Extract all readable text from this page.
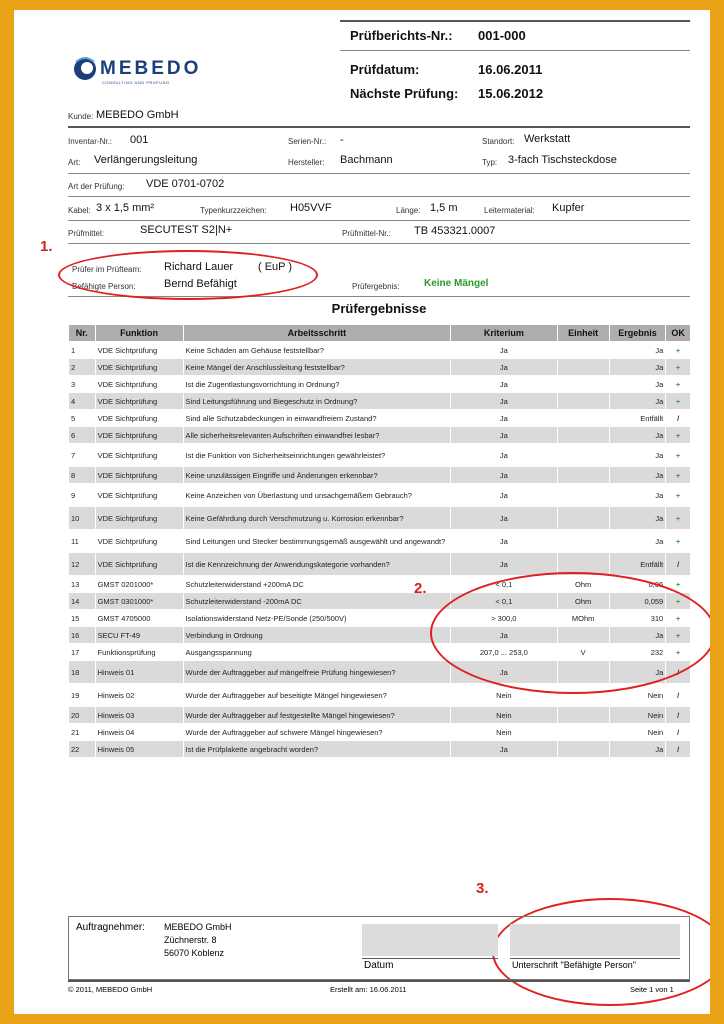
MEBEDO
CONSULTING UND PRÜFUNG
Prüfberichts-Nr.: 001-000
Prüfdatum:	16.06.2011
Nächste Prüfung: 15.06.2012
Kunde: MEBEDO GmbH
Inventar-Nr.: 001	Serien-Nr.: -	Standort: Werkstatt
Art: Verlängerungsleitung	Hersteller: Bachmann	Typ: 3-fach Tischsteckdose
Art der Prüfung: VDE 0701-0702
Kabel: 3 x 1,5 mm²	Typenkurzzeichen: H05VVF	Länge: 1,5 m	Leitermaterial: Kupfer
Prüfmittel:	SECUTEST S2|N+	Prüfmittel-Nr.: TB 453321.0007
Prüfer im Prüfteam: Richard Lauer ( EuP )
Befähigte Person:	Bernd Befähigt	Prüfergebnis: Keine Mängel
Prüfergebnisse
Nr.	Funktion	Arbeitsschritt	Kriterium	Einheit	Ergebnis	OK
1	VDE Sichtprüfung	Keine Schäden am Gehäuse feststellbar?	Ja		Ja	+
2	VDE Sichtprüfung	Keine Mängel der Anschlussleitung feststellbar?	Ja		Ja	+
3	VDE Sichtprüfung	Ist die Zugentlastungsvorrichtung in Ordnung?	Ja		Ja	+
4	VDE Sichtprüfung	Sind Leitungsführung und Biegeschutz in Ordnung?	Ja		Ja	+
5	VDE Sichtprüfung	Sind alle Schutzabdeckungen in einwandfreiem Zustand?	Ja		Entfällt	/
6	VDE Sichtprüfung	Alle sicherheitsrelevanten Aufschriften einwandfrei lesbar?	Ja		Ja	+
7	VDE Sichtprüfung	Ist die Funktion von Sicherheitseinrichtungen gewährleistet?	Ja		Ja	+
8	VDE Sichtprüfung	Keine unzulässigen Eingriffe und Änderungen erkennbar?	Ja		Ja	+
9	VDE Sichtprüfung	Keine Anzeichen von Überlastung und unsachgemäßem Gebrauch?	Ja		Ja	+
10	VDE Sichtprüfung	Keine Gefährdung durch Verschmutzung u. Korrosion erkennbar?	Ja		Ja	+
11	VDE Sichtprüfung	Sind Leitungen und Stecker bestimmungsgemäß ausgewählt und angewandt?	Ja		Ja	+
12	VDE Sichtprüfung	Ist die Kennzeichnung der Anwendungskategorie vorhanden?	Ja		Entfällt	/
13	GMST 0201000*	Schutzleiterwiderstand +200mA DC	< 0,1	Ohm	0,06	+
14	GMST 0301000*	Schutzleiterwiderstand -200mA DC	< 0,1	Ohm	0,059	+
15	GMST 4705000	Isolationswiderstand Netz-PE/Sonde (250/500V)	> 300,0	MOhm	310	+
16	SECU FT-49	Verbindung in Ordnung	Ja		Ja	+
17	Funktionsprüfung	Ausgangsspannung	207,0 ... 253,0	V	232	+
18	Hinweis 01	Wurde der Auftraggeber auf mängelfreie Prüfung hingewiesen?	Ja		Ja	/
19	Hinweis 02	Wurde der Auftraggeber auf beseitigte Mängel hingewiesen?	Nein		Nein	/
20	Hinweis 03	Wurde der Auftraggeber auf festgestellte Mängel hingewiesen?	Nein		Nein	/
21	Hinweis 04	Wurde der Auftraggeber auf schwere Mängel hingewiesen?	Nein		Nein	/
22	Hinweis 05	Ist die Prüfplakette angebracht worden?	Ja		Ja	/
1.
2.
3.
Auftragnehmer: MEBEDO GmbH
Züchnerstr. 8
56070 Koblenz
Datum	Unterschrift "Befähigte Person"
© 2011, MEBEDO GmbH	Erstellt am: 16.06.2011	Seite 1 von 1
